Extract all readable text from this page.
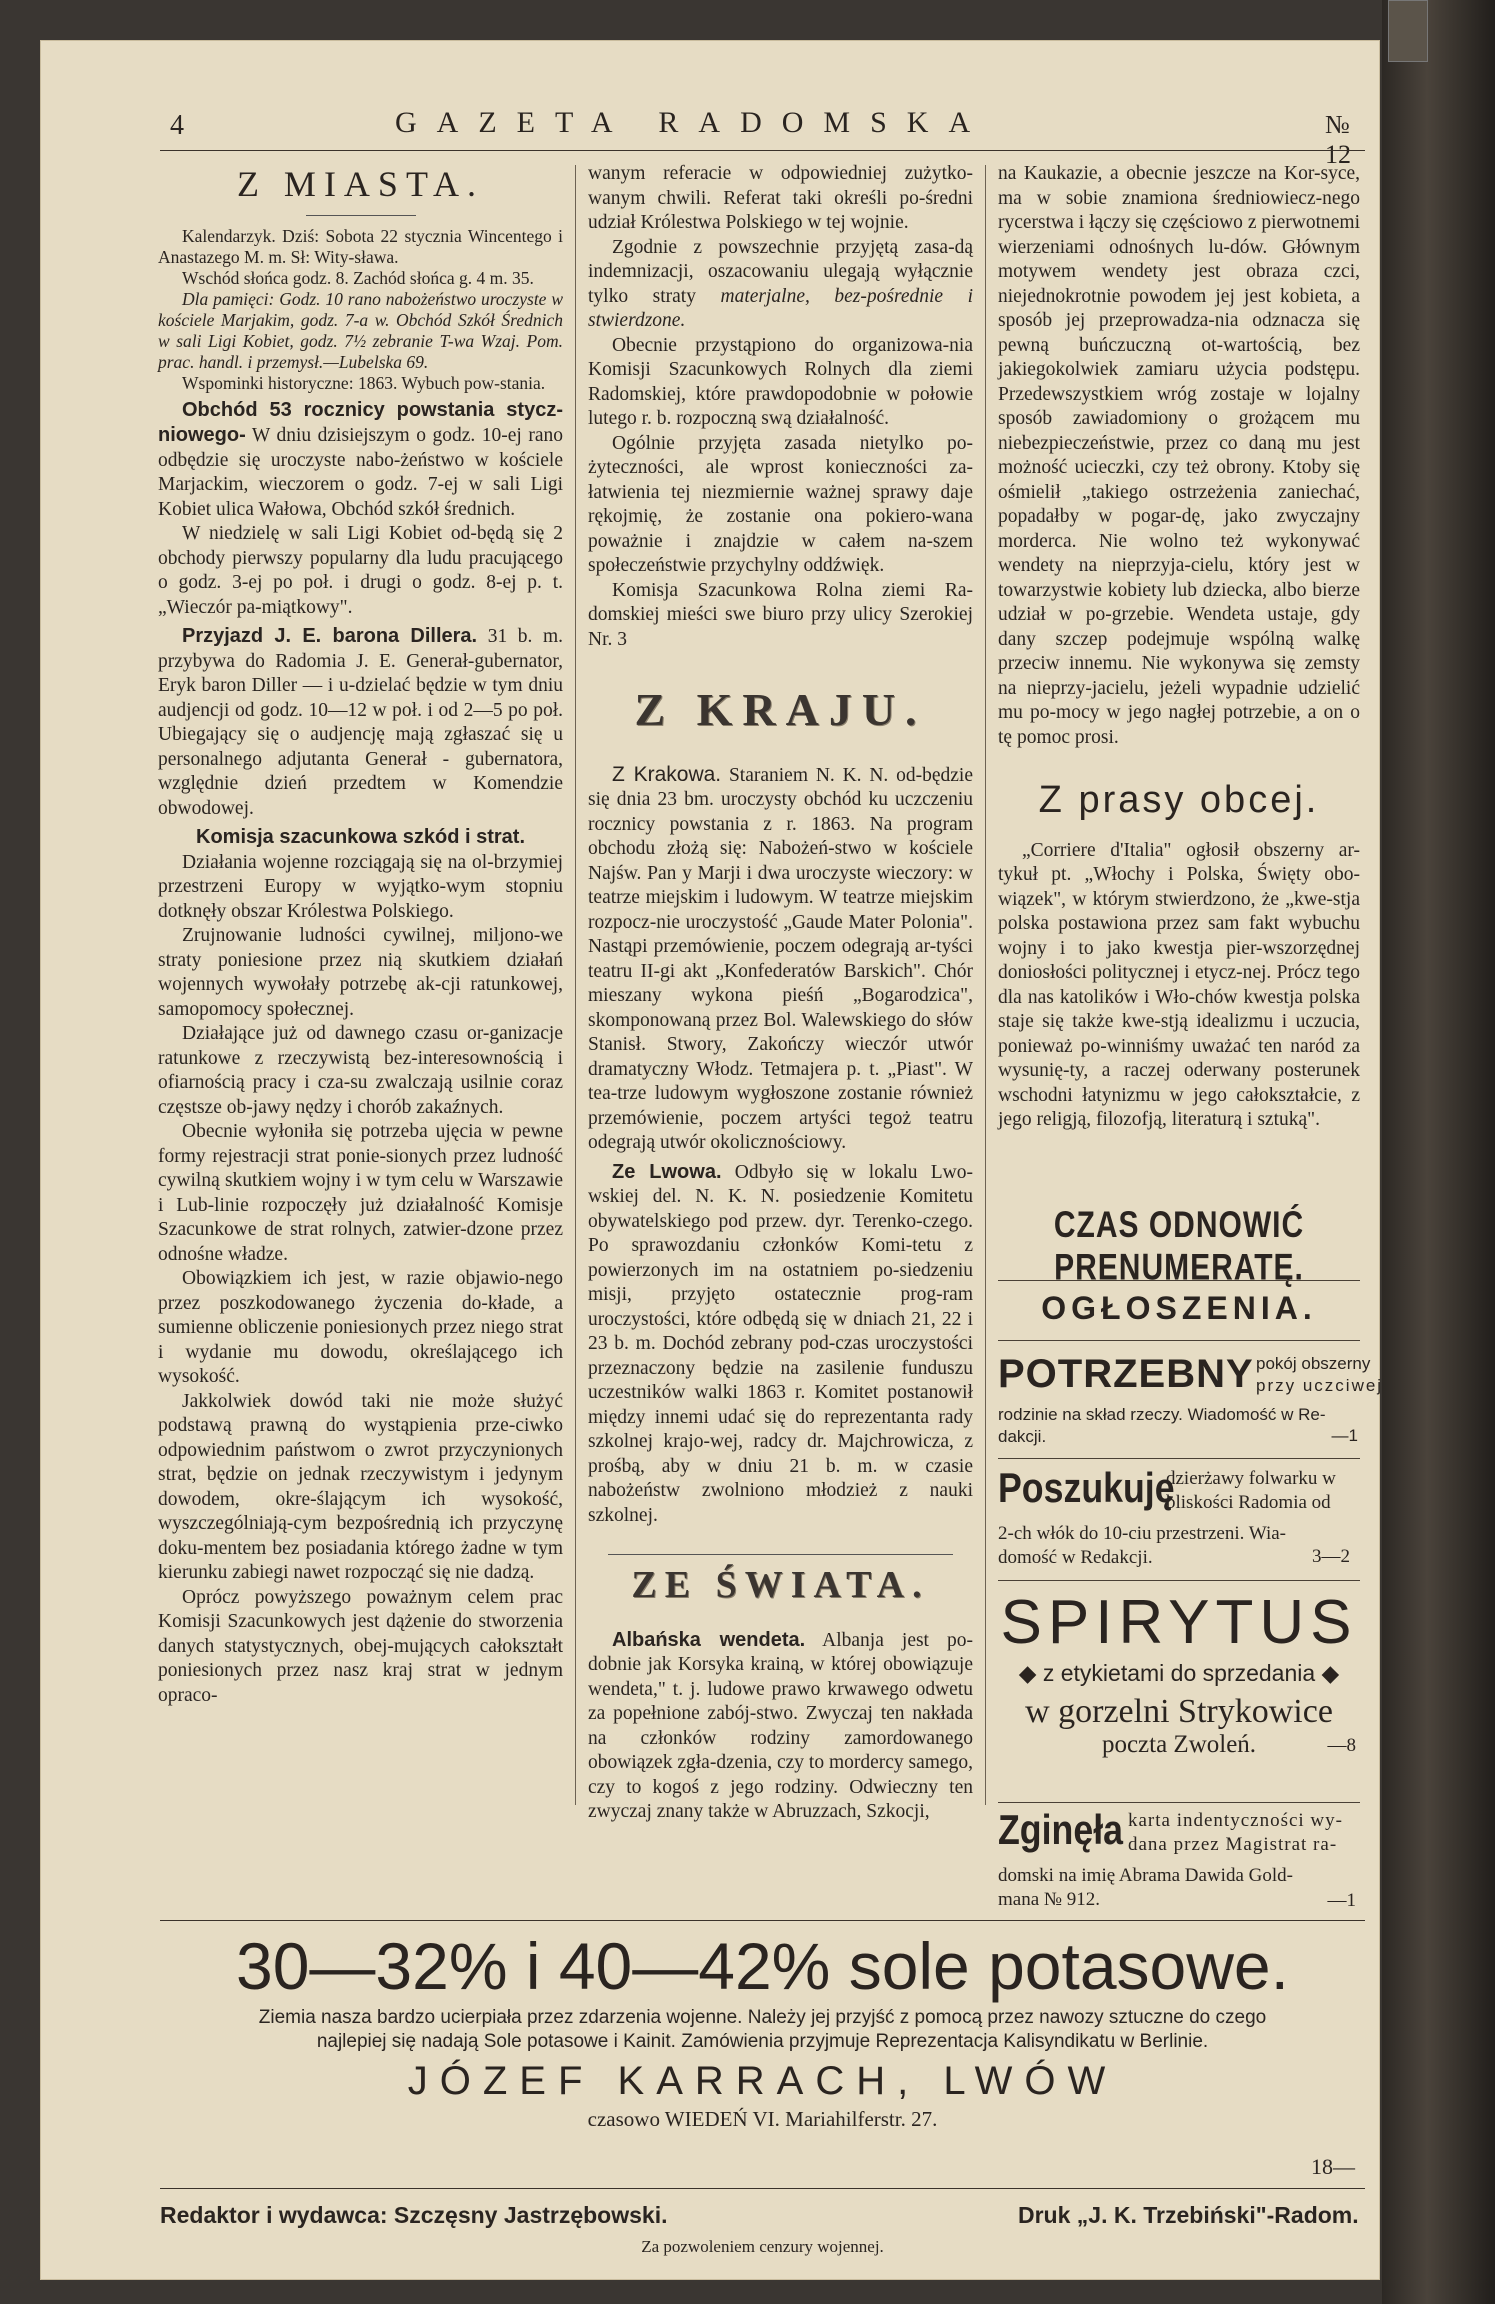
4	GAZETA RADOMSKA	№ 12
Z MIASTA.

Kalendarzyk. Dziś: Sobota 22 stycznia Wincentego i Anastazego M. m. Sł: Wity-sława.

Wschód słońca godz. 8. Zachód słońca g. 4 m. 35.

Dla pamięci: Godz. 10 rano nabożeństwo uroczyste w kościele Marjakim, godz. 7-a w. Obchód Szkół Średnich w sali Ligi Kobiet, godz. 7½ zebranie T-wa Wzaj. Pom. prac. handl. i przemysł.—Lubelska 69.

Wspominki historyczne: 1863. Wybuch pow-stania.

Obchód 53 rocznicy powstania stycz-niowego- W dniu dzisiejszym o godz. 10-ej rano odbędzie się uroczyste nabo-żeństwo w kościele Marjackim, wieczorem o godz. 7-ej w sali Ligi Kobiet ulica Wałowa, Obchód szkół średnich.

W niedzielę w sali Ligi Kobiet od-będą się 2 obchody pierwszy popularny dla ludu pracującego o godz. 3-ej po poł. i drugi o godz. 8-ej p. t. „Wieczór pa-miątkowy".

Przyjazd J. E. barona Dillera. 31 b. m. przybywa do Radomia J. E. Generał-gubernator, Eryk baron Diller — i u-dzielać będzie w tym dniu audjencji od godz. 10—12 w poł. i od 2—5 po poł. Ubiegający się o audjencję mają zgłaszać się u personalnego adjutanta Generał - gubernatora, względnie dzień przedtem w Komendzie obwodowej.

Komisja szacunkowa szkód i strat.

Działania wojenne rozciągają się na ol-brzymiej przestrzeni Europy w wyjątko-wym stopniu dotknęły obszar Królestwa Polskiego.

Zrujnowanie ludności cywilnej, miljono-we straty poniesione przez nią skutkiem działań wojennych wywołały potrzebę ak-cji ratunkowej, samopomocy społecznej.

Działające już od dawnego czasu or-ganizacje ratunkowe z rzeczywistą bez-interesownością i ofiarnością pracy i cza-su zwalczają usilnie coraz częstsze ob-jawy nędzy i chorób zakaźnych.

Obecnie wyłoniła się potrzeba ujęcia w pewne formy rejestracji strat ponie-sionych przez ludność cywilną skutkiem wojny i w tym celu w Warszawie i Lub-linie rozpoczęły już działalność Komisje Szacunkowe de strat rolnych, zatwier-dzone przez odnośne władze.

Obowiązkiem ich jest, w razie objawio-nego przez poszkodowanego życzenia do-kłade, a sumienne obliczenie poniesionych przez niego strat i wydanie mu dowodu, określającego ich wysokość.

Jakkolwiek dowód taki nie może służyć podstawą prawną do wystąpienia prze-ciwko odpowiednim państwom o zwrot przyczynionych strat, będzie on jednak rzeczywistym i jedynym dowodem, okre-ślającym ich wysokość, wyszczególniają-cym bezpośrednią ich przyczynę doku-mentem bez posiadania którego żadne w tym kierunku zabiegi nawet rozpocząć się nie dadzą.

Oprócz powyższego poważnym celem prac Komisji Szacunkowych jest dążenie do stworzenia danych statystycznych, obej-mujących całokształt poniesionych przez nasz kraj strat w jednym opraco-

wanym referacie w odpowiedniej zużytko-wanym chwili. Referat taki określi po-średni udział Królestwa Polskiego w tej wojnie.

Zgodnie z powszechnie przyjętą zasa-dą indemnizacji, oszacowaniu ulegają wyłącznie tylko straty materjalne, bez-pośrednie i stwierdzone.

Obecnie przystąpiono do organizowa-nia Komisji Szacunkowych Rolnych dla ziemi Radomskiej, które prawdopodobnie w połowie lutego r. b. rozpoczną swą działalność.

Ogólnie przyjęta zasada nietylko po-żyteczności, ale wprost konieczności za-łatwienia tej niezmiernie ważnej sprawy daje rękojmię, że zostanie ona pokiero-wana poważnie i znajdzie w całem na-szem społeczeństwie przychylny oddźwięk.

Komisja Szacunkowa Rolna ziemi Ra-domskiej mieści swe biuro przy ulicy Szerokiej Nr. 3

Z KRAJU.

Z Krakowa. Staraniem N. K. N. od-będzie się dnia 23 bm. uroczysty obchód ku uczczeniu rocznicy powstania z r. 1863. Na program obchodu złożą się: Nabożeń-stwo w kościele Najśw. Pan y Marji i dwa uroczyste wieczory: w teatrze miejskim i ludowym. W teatrze miejskim rozpocz-nie uroczystość „Gaude Mater Polonia". Nastąpi przemówienie, poczem odegrają ar-tyści teatru II-gi akt „Konfederatów Barskich". Chór mieszany wykona pieśń „Bogarodzica", skomponowaną przez Bol. Walewskiego do słów Stanisł. Stwory, Zakończy wieczór utwór dramatyczny Włodz. Tetmajera p. t. „Piast". W tea-trze ludowym wygłoszone zostanie również przemówienie, poczem artyści tegoż teatru odegrają utwór okolicznościowy.

Ze Lwowa. Odbyło się w lokalu Lwo-wskiej del. N. K. N. posiedzenie Komitetu obywatelskiego pod przew. dyr. Terenko-czego. Po sprawozdaniu członków Komi-tetu z powierzonych im na ostatniem po-siedzeniu misji, przyjęto ostatecznie prog-ram uroczystości, które odbędą się w dniach 21, 22 i 23 b. m. Dochód zebrany pod-czas uroczystości przeznaczony będzie na zasilenie funduszu uczestników walki 1863 r. Komitet postanowił między innemi udać się do reprezentanta rady szkolnej krajo-wej, radcy dr. Majchrowicza, z prośbą, aby w dniu 21 b. m. w czasie nabożeństw zwolniono młodzież z nauki szkolnej.

ZE ŚWIATA.

Albańska wendeta. Albanja jest po-dobnie jak Korsyka krainą, w której obowiązuje wendeta," t. j. ludowe prawo krwawego odwetu za popełnione zabój-stwo. Zwyczaj ten nakłada na członków rodziny zamordowanego obowiązek zgła-dzenia, czy to mordercy samego, czy to kogoś z jego rodziny. Odwieczny ten zwyczaj znany także w Abruzzach, Szkocji,

na Kaukazie, a obecnie jeszcze na Kor-syce, ma w sobie znamiona średniowiecz-nego rycerstwa i łączy się częściowo z pierwotnemi wierzeniami odnośnych lu-dów. Głównym motywem wendety jest obraza czci, niejednokrotnie powodem jej jest kobieta, a sposób jej przeprowadza-nia odznacza się pewną buńczuczną ot-wartością, bez jakiegokolwiek zamiaru użycia podstępu. Przedewszystkiem wróg zostaje w lojalny sposób zawiadomiony o grożącem mu niebezpieczeństwie, przez co daną mu jest możność ucieczki, czy też obrony. Ktoby się ośmielił „takiego ostrzeżenia zaniechać, popadałby w pogar-dę, jako zwyczajny morderca. Nie wolno też wykonywać wendety na nieprzyja-cielu, który jest w towarzystwie kobiety lub dziecka, albo bierze udział w po-grzebie. Wendeta ustaje, gdy dany szczep podejmuje wspólną walkę przeciw innemu. Nie wykonywa się zemsty na nieprzy-jacielu, jeżeli wypadnie udzielić mu po-mocy w jego nagłej potrzebie, a on o tę pomoc prosi.

Z prasy obcej.

„Corriere d'Italia" ogłosił obszerny ar-tykuł pt. „Włochy i Polska, Święty obo-wiązek", w którym stwierdzono, że „kwe-stja polska postawiona przez sam fakt wybuchu wojny i to jako kwestja pier-wszorzędnej doniosłości politycznej i etycz-nej. Prócz tego dla nas katolików i Wło-chów kwestja polska staje się także kwe-stją idealizmu i uczucia, ponieważ po-winniśmy uważać ten naród za wysunię-ty, a raczej oderwany posterunek wschodni łatynizmu w jego całokształcie, z jego religją, filozofją, literaturą i sztuką".

CZAS ODNOWIĆ PRENUMERATĘ.
OGŁOSZENIA.
POTRZEBNY pokój obszerny
przy uczciwej
rodzinie na skład rzeczy. Wiadomość w Re-dakcji.	—1
Poszukuję
dzierżawy folwarku w
bliskości Radomia od
2-ch włók do 10-ciu przestrzeni. Wia-domość w Redakcji.	3—2
SPIRYTUS
◆ z etykietami do sprzedania ◆
w gorzelni Strykowice
poczta Zwoleń.	—8
Zginęła karta indentyczności wy-
dana przez Magistrat ra-
domski na imię Abrama Dawida Gold-mana № 912.	—1
30—32% i 40—42% sole potasowe.
Ziemia nasza bardzo ucierpiała przez zdarzenia wojenne. Należy jej przyjść z pomocą przez nawozy sztuczne do czego
najlepiej się nadają Sole potasowe i Kainit. Zamówienia przyjmuje Reprezentacja Kalisyndikatu w Berlinie.
JÓZEF KARRACH, LWÓW
czasowo WIEDEŃ VI. Mariahilferstr. 27.
18—
Redaktor i wydawca: Szczęsny Jastrzębowski.	Druk „J. K. Trzebiński"-Radom.
Za pozwoleniem cenzury wojennej.
